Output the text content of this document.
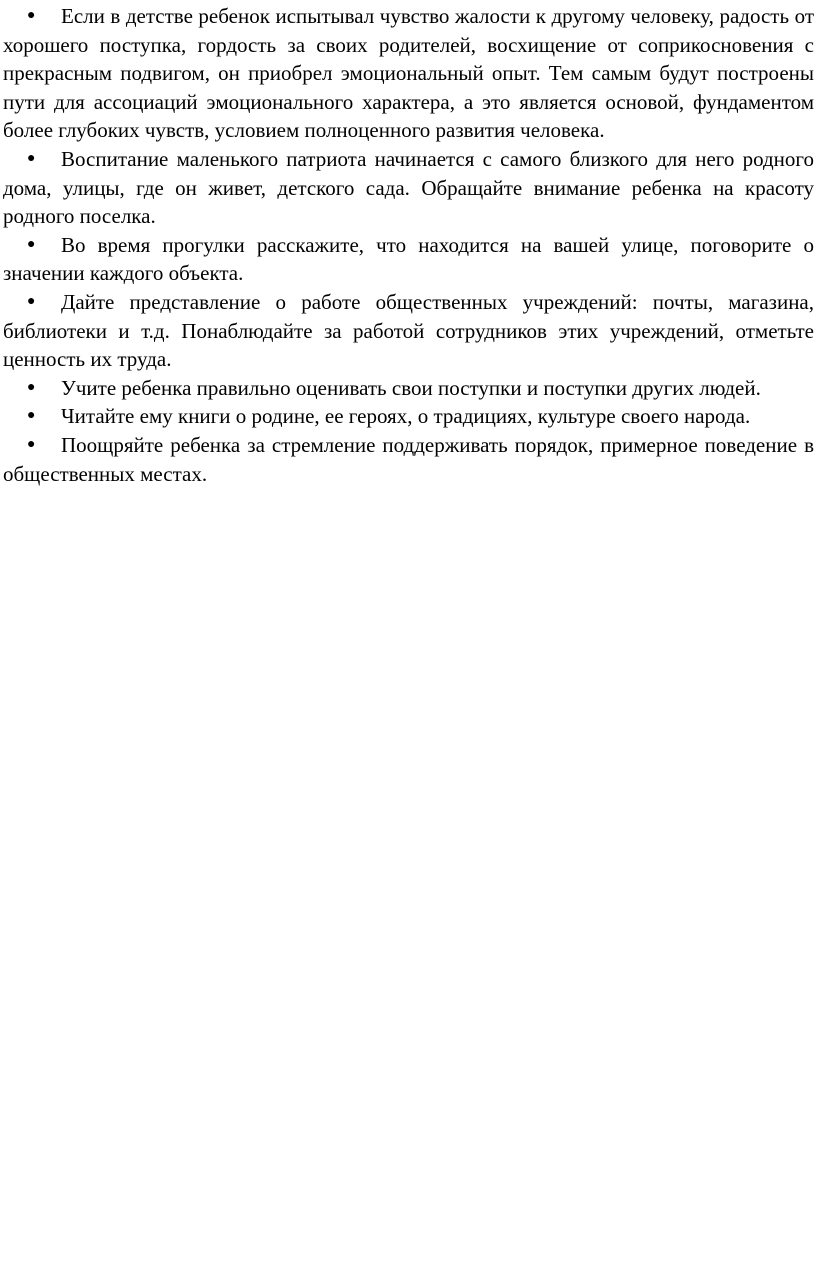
● Если в детстве ребенок испытывал чувство жалости к другому человеку, радость от хорошего поступка, гордость за своих родителей, восхищение от соприкосновения с прекрасным подвигом, он приобрел эмоциональный опыт. Тем самым будут построены пути для ассоциаций эмоционального характера, а это является основой, фундаментом более глубоких чувств, условием полноценного развития человека.
● Воспитание маленького патриота начинается с самого близкого для него родного дома, улицы, где он живет, детского сада. Обращайте внимание ребенка на красоту родного поселка.
● Во время прогулки расскажите, что находится на вашей улице, поговорите о значении каждого объекта.
● Дайте представление о работе общественных учреждений: почты, магазина, библиотеки и т.д. Понаблюдайте за работой сотрудников этих учреждений, отметьте ценность их труда.
● Учите ребенка правильно оценивать свои поступки и поступки других людей.
● Читайте ему книги о родине, ее героях, о традициях, культуре своего народа.
● Поощряйте ребенка за стремление поддерживать порядок, примерное поведение в общественных местах.
